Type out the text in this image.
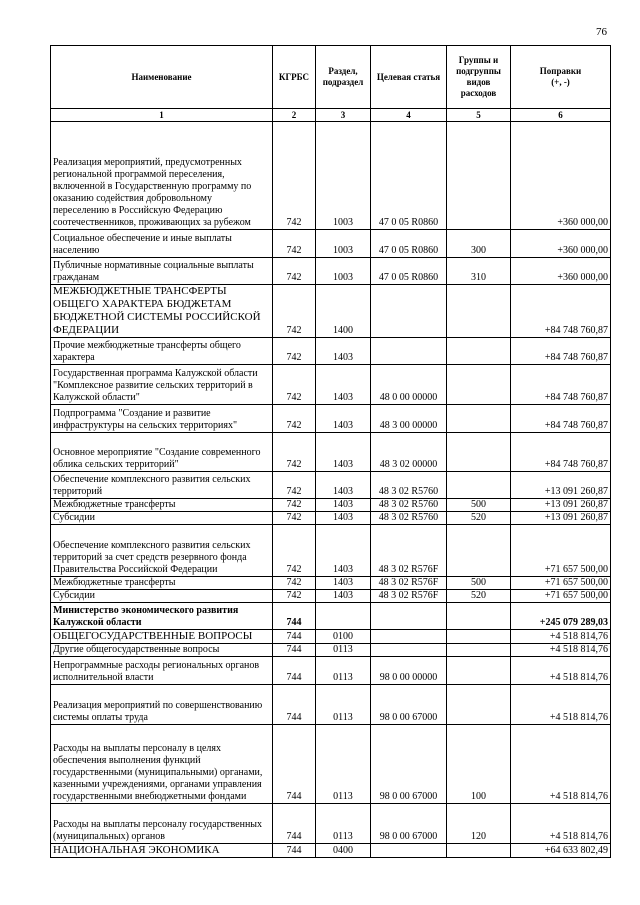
76
Наименование	КГРБС	Раздел, подраздел	Целевая статья	Группы и подгруппы видов расходов	Поправки (+, -)
1	2	3	4	5	6
Реализация мероприятий, предусмотренных региональной программой переселения, включенной в Государственную программу по оказанию содействия добровольному переселению в Российскую Федерацию соотечественников, проживающих за рубежом	742	1003	47 0 05 R0860		+360 000,00
Социальное обеспечение и иные выплаты населению	742	1003	47 0 05 R0860	300	+360 000,00
Публичные нормативные социальные выплаты гражданам	742	1003	47 0 05 R0860	310	+360 000,00
МЕЖБЮДЖЕТНЫЕ ТРАНСФЕРТЫ ОБЩЕГО ХАРАКТЕРА БЮДЖЕТАМ БЮДЖЕТНОЙ СИСТЕМЫ РОССИЙСКОЙ ФЕДЕРАЦИИ	742	1400			+84 748 760,87
Прочие межбюджетные трансферты общего характера	742	1403			+84 748 760,87
Государственная программа Калужской области "Комплексное развитие сельских территорий в Калужской области"	742	1403	48 0 00 00000		+84 748 760,87
Подпрограмма "Создание и развитие инфраструктуры на сельских территориях"	742	1403	48 3 00 00000		+84 748 760,87
Основное мероприятие "Создание современного облика сельских территорий"	742	1403	48 3 02 00000		+84 748 760,87
Обеспечение комплексного развития сельских территорий	742	1403	48 3 02 R5760		+13 091 260,87
Межбюджетные трансферты	742	1403	48 3 02 R5760	500	+13 091 260,87
Субсидии	742	1403	48 3 02 R5760	520	+13 091 260,87
Обеспечение комплексного развития сельских территорий за счет средств резервного фонда Правительства Российской Федерации	742	1403	48 3 02 R576F		+71 657 500,00
Межбюджетные трансферты	742	1403	48 3 02 R576F	500	+71 657 500,00
Субсидии	742	1403	48 3 02 R576F	520	+71 657 500,00
Министерство экономического развития Калужской области	744				+245 079 289,03
ОБЩЕГОСУДАРСТВЕННЫЕ ВОПРОСЫ	744	0100			+4 518 814,76
Другие общегосударственные вопросы	744	0113			+4 518 814,76
Непрограммные расходы региональных органов исполнительной власти	744	0113	98 0 00 00000		+4 518 814,76
Реализация мероприятий по совершенствованию системы оплаты труда	744	0113	98 0 00 67000		+4 518 814,76
Расходы на выплаты персоналу в целях обеспечения выполнения функций государственными (муниципальными) органами, казенными учреждениями, органами управления государственными внебюджетными фондами	744	0113	98 0 00 67000	100	+4 518 814,76
Расходы на выплаты персоналу государственных (муниципальных) органов	744	0113	98 0 00 67000	120	+4 518 814,76
НАЦИОНАЛЬНАЯ ЭКОНОМИКА	744	0400			+64 633 802,49
